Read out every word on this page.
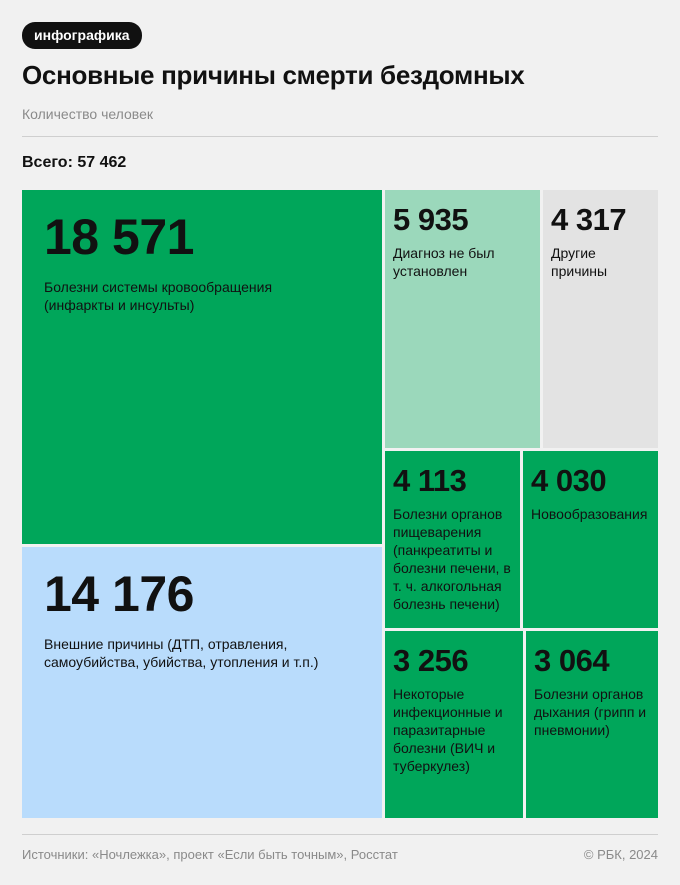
инфографика
Основные причины смерти бездомных
Количество человек
Всего: 57 462
18 571
Болезни системы кровообращения (инфаркты и инсульты)
14 176
Внешние причины (ДТП, отравления, самоубийства, убийства, утопления и т.п.)
5 935
Диагноз не был установлен
4 317
Другие причины
4 113
Болезни органов пищеварения (панкреатиты и болезни печени, в т. ч. алкогольная болезнь печени)
4 030
Новообразования
3 256
Некоторые инфекционные и паразитарные болезни (ВИЧ и туберкулез)
3 064
Болезни органов дыхания (грипп и пневмонии)
Источники: «Ночлежка», проект «Если быть точным», Росстат	© РБК, 2024
